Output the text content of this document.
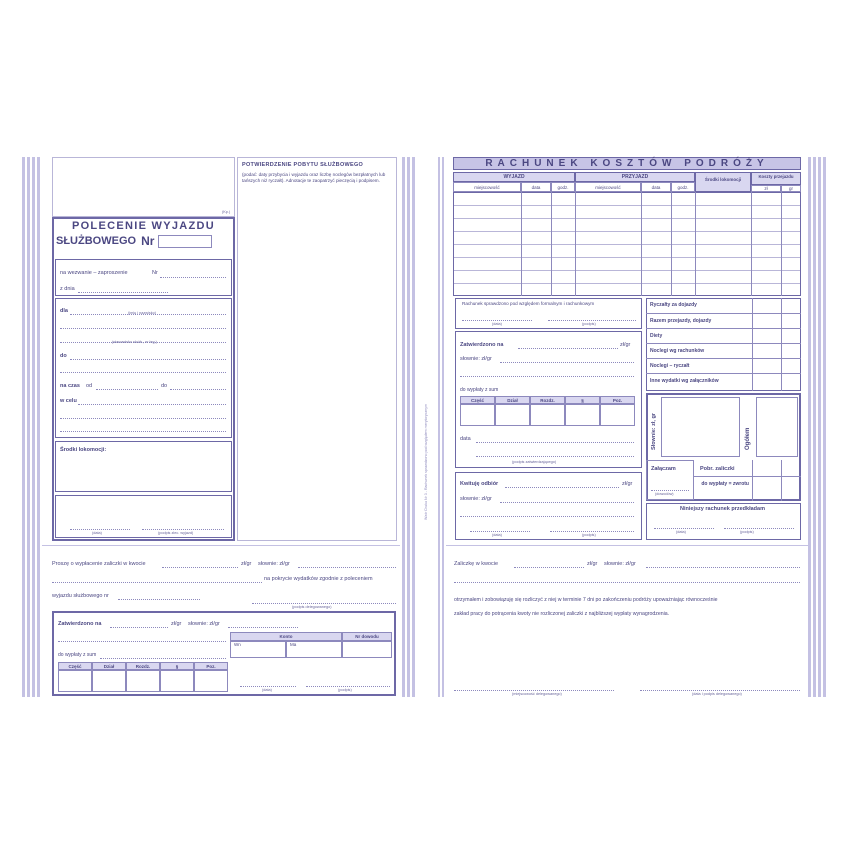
(Kp.)
POLECENIE WYJAZDU
SŁUŻBOWEGO Nr
na wezwanie – zaproszenie	Nr
z dnia
dla	(imię i nazwisko)
(stanowisko służb., nr leg.)
do
na czas od	do
w celu
Środki lokomocji:
(data)	(podpis zlec. wyjazd)
POTWIERDZENIE POBYTU SŁUŻBOWEGO
(podać: daty przybycia i wyjazdu oraz liczbę noclegów bezpłatnych lub tańszych niż ryczałt). Adnotacje te zaopatrzyć pieczęcią i podpisem.
Wzór Druku Nr 3 - Rachunek sprawdzono pod względem merytorycznym
RACHUNEK KOSZTÓW PODRÓŻY
WYJAZD	PRZYJAZD	Środki lokomocji
Koszty przejazdu
miejscowość	data	godz.	miejscowość	data	godz.	zł	gr
Rachunek sprawdzono pod względem formalnym i rachunkowym
(data)	(podpis)
Zatwierdzono na	zł/gr
słownie: zł/gr
do wypłaty z sum
Część	Dział	Rozdz.	§	Poz.
data
(podpis zatwierdzającego)
Kwituję odbiór	zł/gr
słownie: zł/gr
(data)	(podpis)
Ryczałty za dojazdy
Razem przejazdy, dojazdy
Diety
Noclegi wg rachunków
Noclegi – ryczałt
Inne wydatki wg załączników
Słownie: zł, gr	Ogółem
Załączam
(dowodów)
Pobr. zaliczki
do wypłaty = zwrotu
Niniejszy rachunek przedkładam
(data)	(podpis)
Proszę o wypłacenie zaliczki w kwocie	zł/gr słownie: zł/gr
na pokrycie wydatków zgodnie z poleceniem
wyjazdu służbowego nr
(podpis delegowanego)
Zatwierdzono na	zł/gr słownie: zł/gr
Konto	Nr dowodu
Wn	Ma
do wypłaty z sum
Część	Dział	Rozdz.	§	Poz.
(data)	(podpis)
Zaliczkę w kwocie	zł/gr słownie: zł/gr
otrzymałem i zobowiązuję się rozliczyć z niej w terminie 7 dni po zakończeniu podróży upoważniając równocześnie
zakład pracy do potrącenia kwoty nie rozliczonej zaliczki z najbliższej wypłaty wynagrodzenia.
(miejscowość delegowanego)	(data i podpis delegowanego)
